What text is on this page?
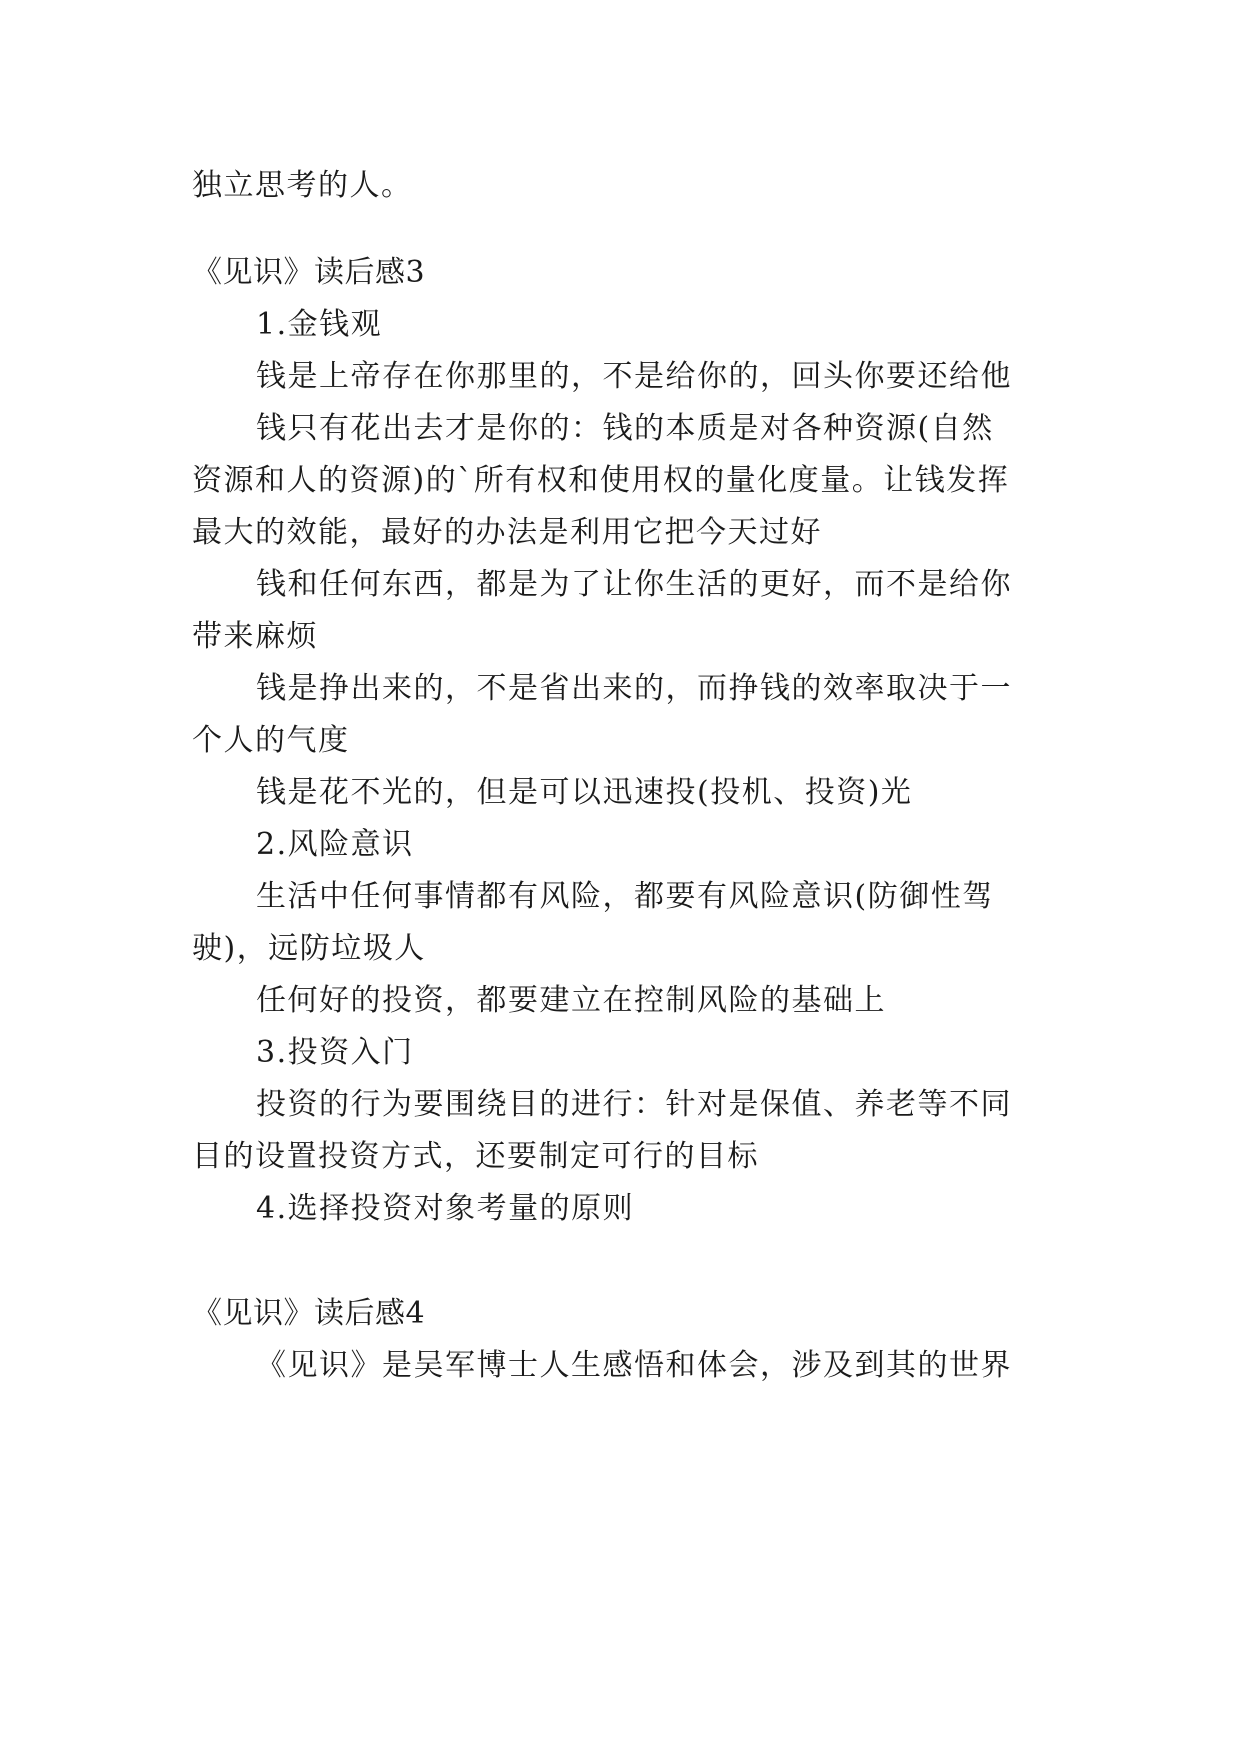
独立思考的人。
《见识》读后感3
1.金钱观
钱是上帝存在你那里的，不是给你的，回头你要还给他
钱只有花出去才是你的：钱的本质是对各种资源(自然
资源和人的资源)的`所有权和使用权的量化度量。让钱发挥
最大的效能，最好的办法是利用它把今天过好
钱和任何东西，都是为了让你生活的更好，而不是给你
带来麻烦
钱是挣出来的，不是省出来的，而挣钱的效率取决于一
个人的气度
钱是花不光的，但是可以迅速投(投机、投资)光
2.风险意识
生活中任何事情都有风险，都要有风险意识(防御性驾
驶)，远防垃圾人
任何好的投资，都要建立在控制风险的基础上
3.投资入门
投资的行为要围绕目的进行：针对是保值、养老等不同
目的设置投资方式，还要制定可行的目标
4.选择投资对象考量的原则
《见识》读后感4
《见识》是吴军博士人生感悟和体会，涉及到其的世界
